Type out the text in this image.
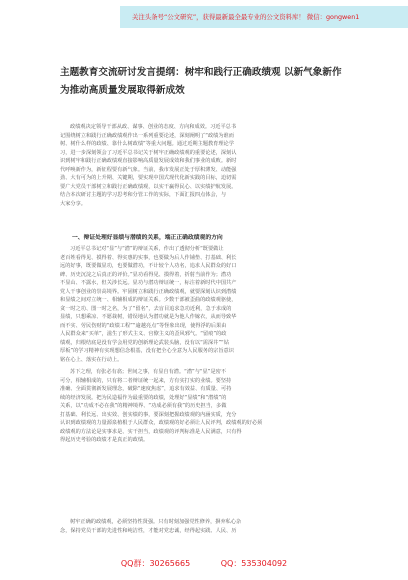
关注头条号“公文研究”，获得最新最全最专业的公文资料库！ 微信：gongwen1
主题教育交流研讨发言提纲：树牢和践行正确政绩观 以新气象新作
为推动高质量发展取得新成效
政绩观决定领导干部从政、谋事、创业的态度、方向和成效。习近平总书
记围绕树立和践行正确政绩观作出一系列重要论述，深刻阐明了“政绩为谁而
树、树什么样的政绩、靠什么树政绩”等重大问题。通过近期主题教育理论学
习，进一步深刻领会了习近平总书记关于树牢正确政绩观的重要论述，深刻认
识到树牢和践行正确政绩观直接影响高质量发展成效和我们事业的成败。新时
代呼唤新作为，新征程要有新气象。当前，我市发展正处于厚积薄发、动能强
劲、大有可为的上升期、关键期，要实现中国式现代化新实践的目标，迫切需
要广大党员干部树立和践行正确政绩观，以实干赢得民心、以实绩护航发展。
结合本次研讨主题的学习思考和分管工作的实际，下面汇报四点体会，与
大家分享。
一、辩证处理好显绩与潜绩的关系，端正正确政绩观的方向
习近平总书记对“显”与“潜”的辩证关系，作出了透彻分析“既要做让
老百姓看得见、摸得着、得实惠的实事，也要做为后人作铺垫、打基础、利长
远的好事，既要做显功，也要做潜功，不计较个人功名，追求人民群众的好口
碑、历史沉淀之后真正的评价。”显功看得见、摸得着，折射当前作为；潜功
不显山、不露水，但关涉长远。显功与潜功辩证统一，标注着新时代中国共产
党人干事创业的崇高境界。牢固树立和践行正确政绩观，就要深刻认识到潜绩
和显绩之间对立统一、相辅相成的辩证关系。少数干部被歪曲的政绩观驱使，
贪一时之功、图一时之名，为了“留名”，去盲目追求急功近利，急于求成的
显绩，只想乘凉、不愿栽树，错误地认为潜功就是为他人作嫁衣，从而导致华
而不实、劳民伤财的“政绩工程”“逾越亮点”等怪象出现，使得浮的后果由
人民群众来“买单”，滋生了形式主义、官僚主义的歪风邪气。“留痕”的政
绩观，归根结底是没有学会用党的创新理论武装头脑，没有以“需深井”“钻
厚板”的学习精神有实现想信念根基，没有把全心全意为人民服务的宗旨意识
铭在心上、落实在行动上。
苏下之理，有张必有翕；世间之事，有显自有潜。“潜”与“显”是密不
可分，相辅相成的，只有将二者辩证统一起来，方有实打实的业绩。要坚持
准确、全面贯彻新发展理念，破除“速度焦虑”，追求有效益、有质量、可持
续的经济发展。把为民造福作为最重要的政绩，处理好“显绩”和“潜绩”的
关系，以“功成不必在我”的精神境界、“功成必须有我”的历史担当，多做
打基础、利长远、出实效、创实绩的事，要深刻把握政绩观的内涵实质，充分
认识到政绩观的力量源泉植根于人民群众，政绩观的好必须让人民评判，政绩观的好必须
政绩观的方法论是实事求是、实干担当，政绩观的评判标准是人民满意，只有得
得起历史考验的政绩才是真正的政绩。
树牢正确的政绩观，必须坚持性贤强。只有时刻加强党性修养，摒弃私心杂
念，保持党员干部的先进性和纯洁性，才能对党忠诚，经得起实践、人民、历
QQ群：30265665	QQ：535304092
